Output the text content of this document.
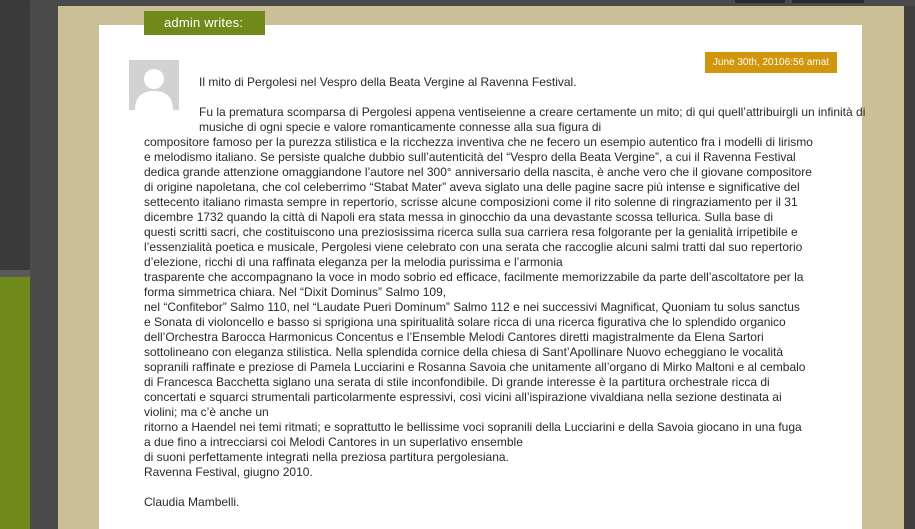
admin writes:
June 30th, 20106:56 amat
Il mito di Pergolesi nel Vespro della Beata Vergine al Ravenna Festival.
Fu la prematura scomparsa di Pergolesi appena ventiseienne a creare certamente un mito; di qui quell’attribuirgli un infinità di
musiche di ogni specie e valore romanticamente connesse alla sua figura di
compositore famoso per la purezza stilistica e la ricchezza inventiva che ne fecero un esempio autentico fra i modelli di lirismo
e melodismo italiano. Se persiste qualche dubbio sull’autenticità del “Vespro della Beata Vergine”, a cui il Ravenna Festival
dedica grande attenzione omaggiandone l’autore nel 300° anniversario della nascita, è anche vero che il giovane compositore
di origine napoletana, che col celeberrimo “Stabat Mater” aveva siglato una delle pagine sacre più intense e significative del
settecento italiano rimasta sempre in repertorio, scrisse alcune composizioni come il rito solenne di ringraziamento per il 31
dicembre 1732 quando la città di Napoli era stata messa in ginocchio da una devastante scossa tellurica. Sulla base di
questi scritti sacri, che costituiscono una preziosissima ricerca sulla sua carriera resa folgorante per la genialità irripetibile e
l’essenzialità poetica e musicale, Pergolesi viene celebrato con una serata che raccoglie alcuni salmi tratti dal suo repertorio
d’elezione, ricchi di una raffinata eleganza per la melodia purissima e l’armonia
trasparente che accompagnano la voce in modo sobrio ed efficace, facilmente memorizzabile da parte dell’ascoltatore per la
forma simmetrica chiara. Nel “Dixit Dominus” Salmo 109,
nel “Confitebor” Salmo 110, nel “Laudate Pueri Dominum” Salmo 112 e nei successivi Magnificat, Quoniam tu solus sanctus
e Sonata di violoncello e basso si sprigiona una spiritualità solare ricca di una ricerca figurativa che lo splendido organico
dell’Orchestra Barocca Harmonicus Concentus e l’Ensemble Melodi Cantores diretti magistralmente da Elena Sartori
sottolineano con eleganza stilistica. Nella splendida cornice della chiesa di Sant’Apollinare Nuovo echeggiano le vocalità
sopranili raffinate e preziose di Pamela Lucciarini e Rosanna Savoia che unitamente all’organo di Mirko Maltoni e al cembalo
di Francesca Bacchetta siglano una serata di stile inconfondibile. Di grande interesse è la partitura orchestrale ricca di
concertati e squarci strumentali particolarmente espressivi, così vicini all’ispirazione vivaldiana nella sezione destinata ai
violini; ma c’è anche un
ritorno a Haendel nei temi ritmati; e soprattutto le bellissime voci sopranili della Lucciarini e della Savoia giocano in una fuga
a due fino a intrecciarsi coi Melodi Cantores in un superlativo ensemble
di suoni perfettamente integrati nella preziosa partitura pergolesiana.
Ravenna Festival, giugno 2010.
Claudia Mambelli.
